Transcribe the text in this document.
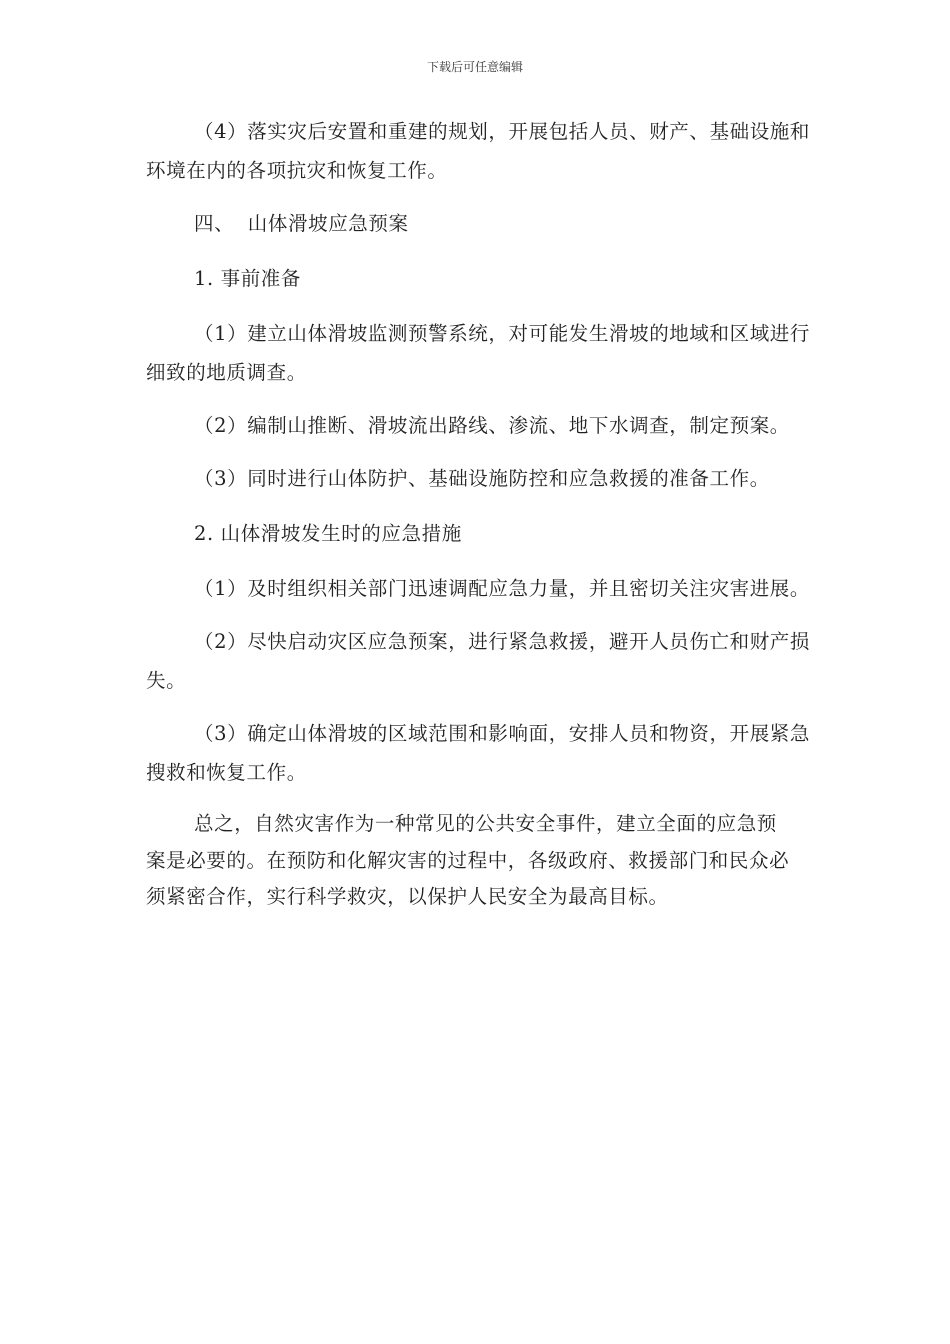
下载后可任意编辑

（4）落实灾后安置和重建的规划，开展包括人员、财产、基础设施和环境在内的各项抗灾和恢复工作。

四、  山体滑坡应急预案

1. 事前准备

（1）建立山体滑坡监测预警系统，对可能发生滑坡的地域和区域进行细致的地质调查。

（2）编制山推断、滑坡流出路线、渗流、地下水调查，制定预案。

（3）同时进行山体防护、基础设施防控和应急救援的准备工作。

2. 山体滑坡发生时的应急措施

（1）及时组织相关部门迅速调配应急力量，并且密切关注灾害进展。

（2）尽快启动灾区应急预案，进行紧急救援，避开人员伤亡和财产损失。

（3）确定山体滑坡的区域范围和影响面，安排人员和物资，开展紧急搜救和恢复工作。

总之，自然灾害作为一种常见的公共安全事件，建立全面的应急预案是必要的。在预防和化解灾害的过程中，各级政府、救援部门和民众必须紧密合作，实行科学救灾，以保护人民安全为最高目标。
